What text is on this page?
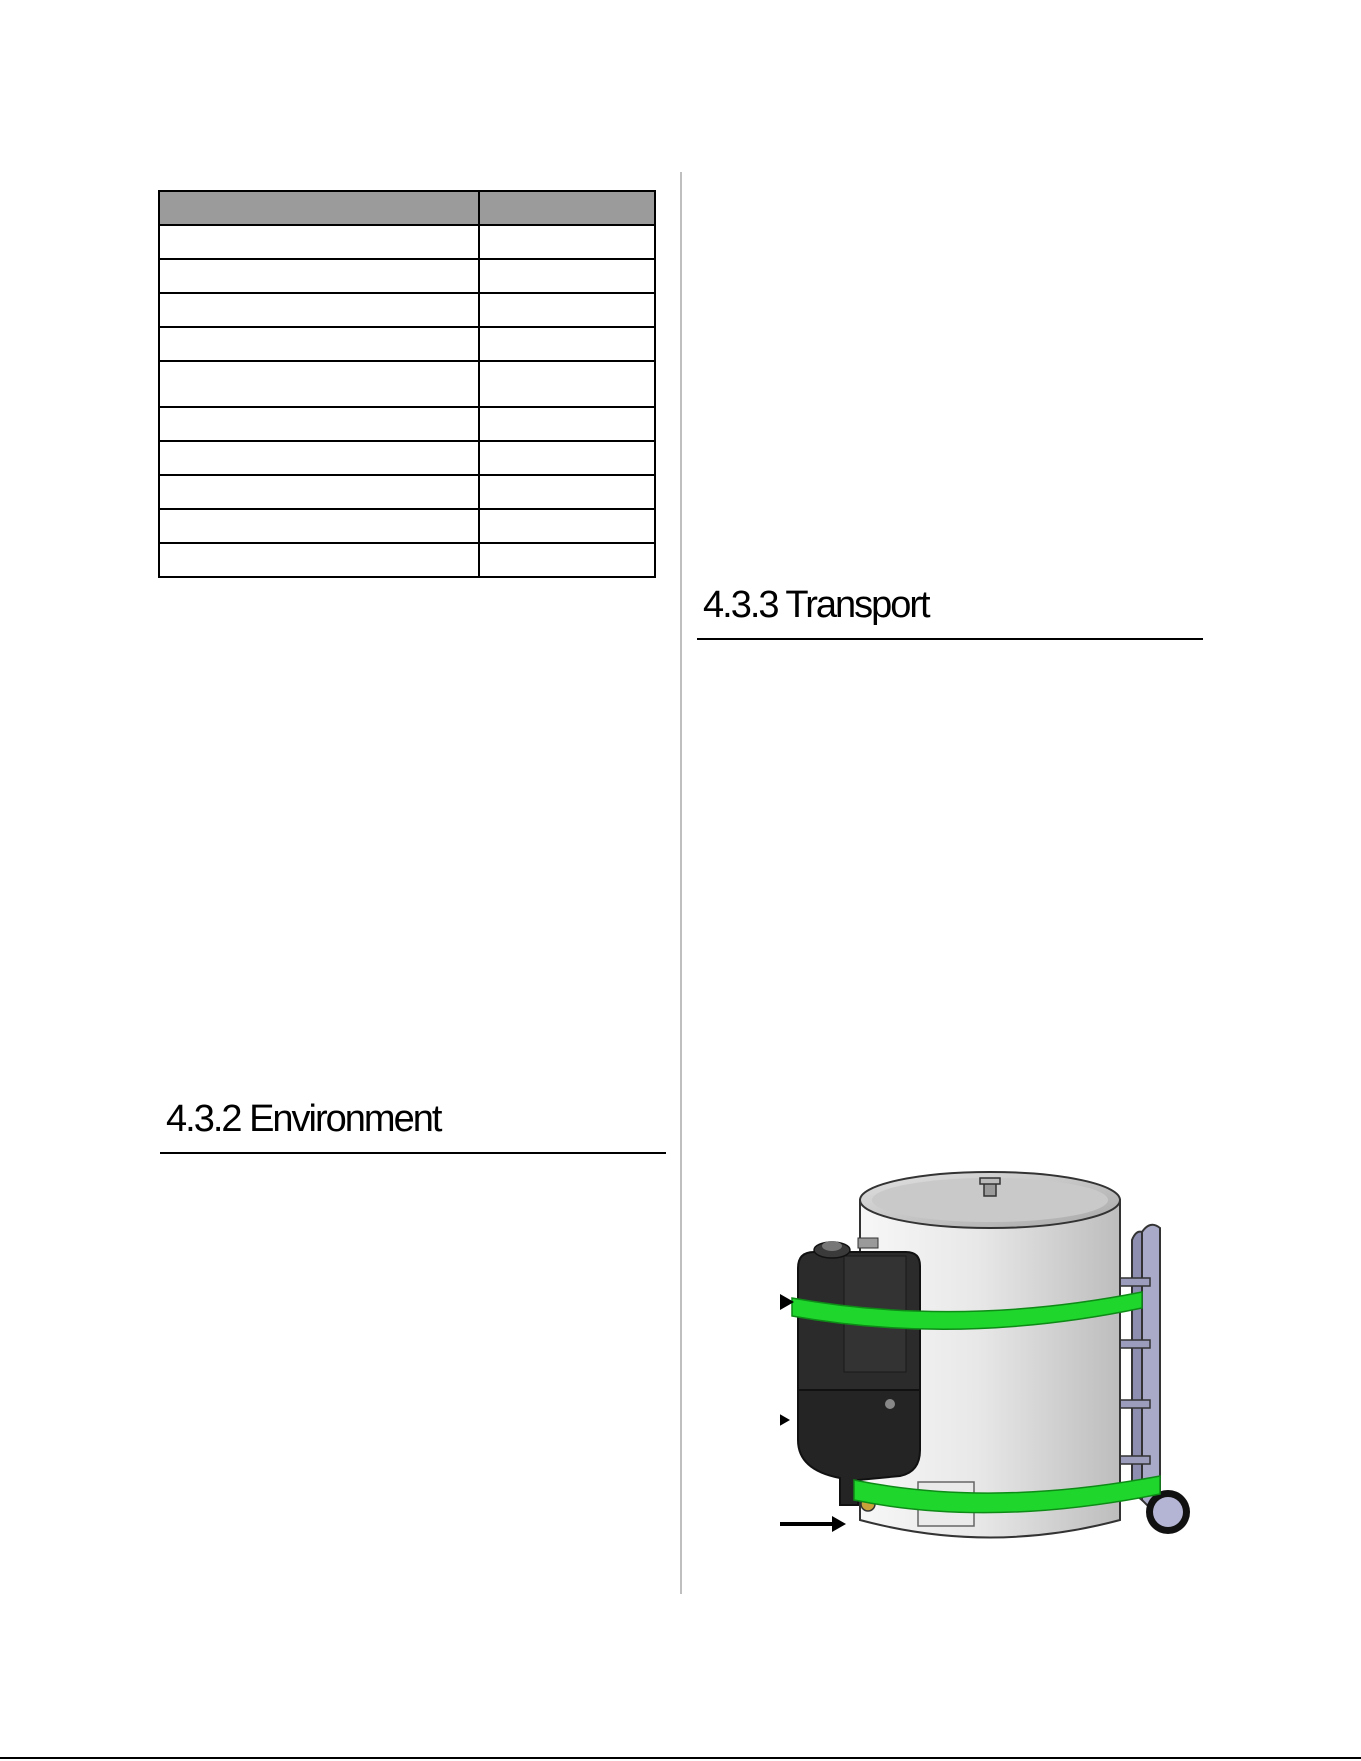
4.3.2 Environment
4.3.3 Transport
